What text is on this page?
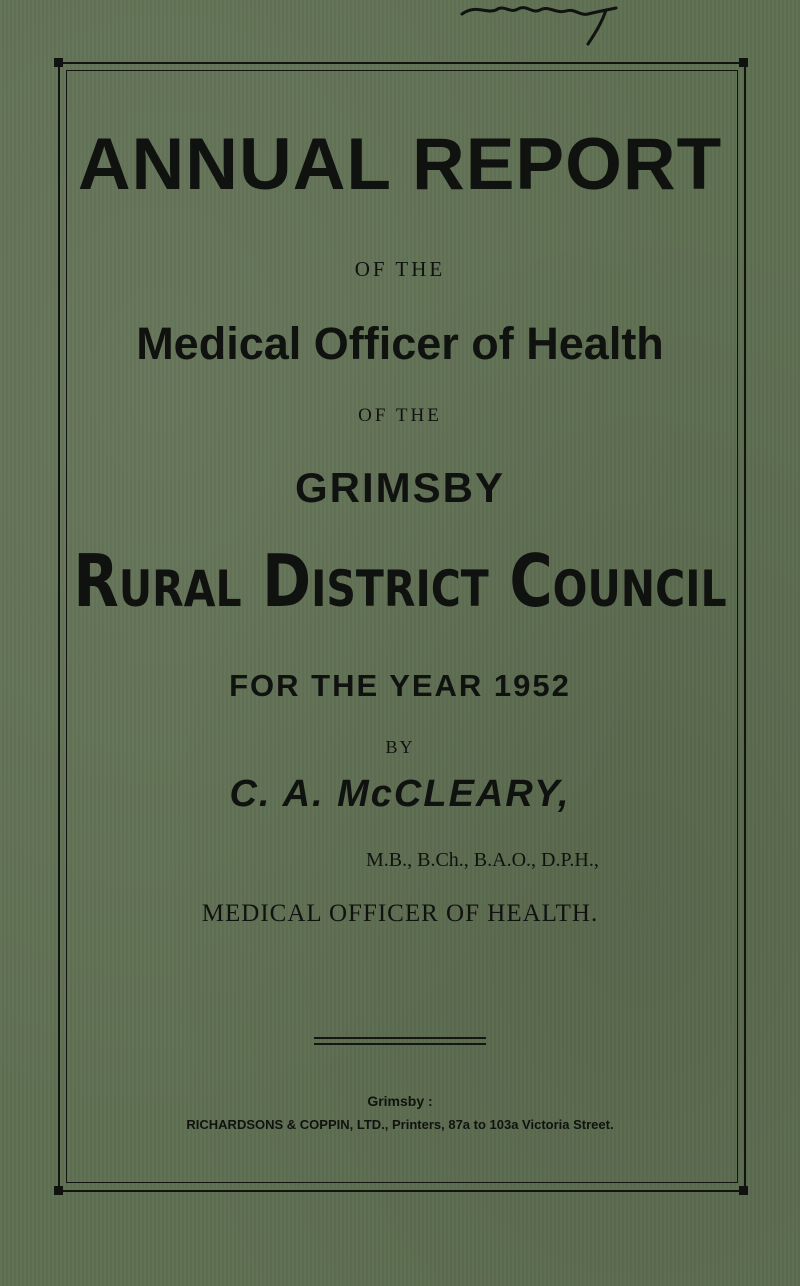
ANNUAL REPORT
OF THE
Medical Officer of Health
OF THE
GRIMSBY
Rural District Council
FOR THE YEAR 1952
BY
C. A. McCLEARY,
M.B., B.Ch., B.A.O., D.P.H.,
MEDICAL OFFICER OF HEALTH.
Grimsby :
RICHARDSONS & COPPIN, LTD., Printers, 87a to 103a Victoria Street.
